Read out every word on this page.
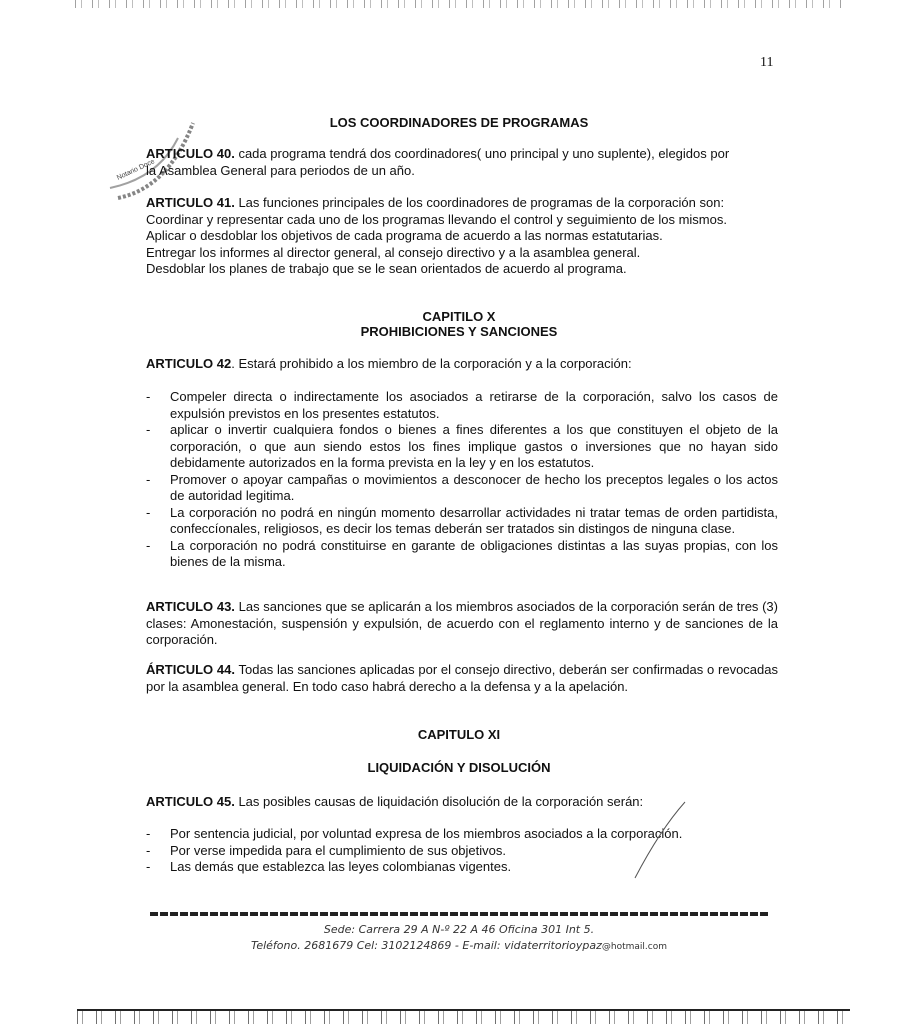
11
Notario Doce
LOS COORDINADORES DE PROGRAMAS
ARTICULO 40. cada programa tendrá dos coordinadores( uno principal y uno suplente), elegidos por
la Asamblea General para periodos de un año.
ARTICULO 41. Las funciones principales de los coordinadores de programas de la corporación son:
Coordinar y representar cada uno de los programas llevando el control y seguimiento de los mismos.
Aplicar o desdoblar los objetivos de cada programa de acuerdo a las normas estatutarias.
Entregar los informes al director general, al consejo directivo y a la asamblea general.
Desdoblar los planes de trabajo que se le sean orientados de acuerdo al programa.
CAPITILO X
PROHIBICIONES Y SANCIONES
ARTICULO 42. Estará prohibido a los miembro de la corporación y a la corporación:
- Compeler directa o indirectamente los asociados a retirarse de la corporación, salvo los casos de expulsión previstos en los presentes estatutos.
- aplicar o invertir cualquiera fondos o bienes a fines diferentes a los que constituyen el objeto de la corporación, o que aun siendo estos los fines implique gastos o inversiones que no hayan sido debidamente autorizados en la forma prevista en la ley y en los estatutos.
- Promover o apoyar campañas o movimientos a desconocer de hecho los preceptos legales o los actos de autoridad legitima.
- La corporación no podrá en ningún momento desarrollar actividades ni tratar temas de orden partidista, confeccíonales, religiosos, es decir los temas deberán ser tratados sin distingos de ninguna clase.
- La corporación no podrá constituirse en garante de obligaciones distintas a las suyas propias, con los bienes de la misma.
ARTICULO 43. Las sanciones que se aplicarán a los miembros asociados de la corporación serán de tres (3) clases: Amonestación, suspensión y expulsión, de acuerdo con el reglamento interno y de sanciones de la corporación.
ÁRTICULO 44. Todas las sanciones aplicadas por el consejo directivo, deberán ser confirmadas o revocadas por la asamblea general. En todo caso habrá derecho a la defensa y a la apelación.
CAPITULO XI
LIQUIDACIÓN Y DISOLUCIÓN
ARTICULO 45. Las posibles causas de liquidación disolución de la corporación serán:
- Por sentencia judicial, por voluntad expresa de los miembros asociados a la corporación.
- Por verse impedida para el cumplimiento de sus objetivos.
- Las demás que establezca las leyes colombianas vigentes.
Sede: Carrera 29 A N-º 22 A 46 Oficina 301 Int 5.
Teléfono. 2681679 Cel: 3102124869 - E-mail: vidaterritorioypaz@hotmail.com
